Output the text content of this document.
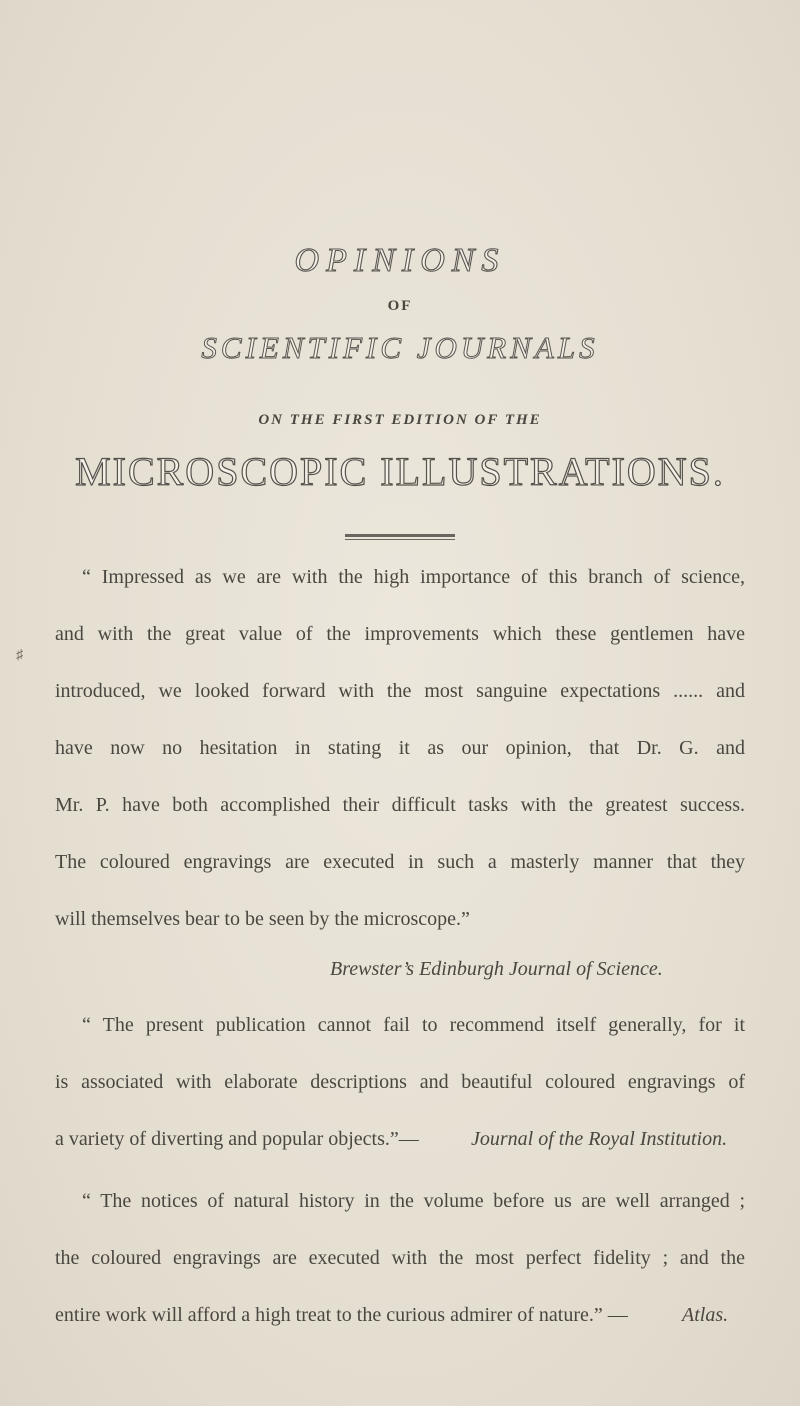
OPINIONS
OF
SCIENTIFIC JOURNALS
ON THE FIRST EDITION OF THE
MICROSCOPIC ILLUSTRATIONS.
♯
“ Impressed as we are with the high importance of this branch of science,
and with the great value of the improvements which these gentlemen have
introduced, we looked forward with the most sanguine expectations ...... and
have now no hesitation in stating it as our opinion, that Dr. G. and
Mr. P. have both accomplished their difficult tasks with the greatest success.
The coloured engravings are executed in such a masterly manner that they
will themselves bear to be seen by the microscope.”
Brewster’s Edinburgh Journal of Science.
“ The present publication cannot fail to recommend itself generally, for it
is associated with elaborate descriptions and beautiful coloured engravings of
a variety of diverting and popular objects.”—	Journal of the Royal Institution.
“ The notices of natural history in the volume before us are well arranged ;
the coloured engravings are executed with the most perfect fidelity ; and the
entire work will afford a high treat to the curious admirer of nature.” —	Atlas.
